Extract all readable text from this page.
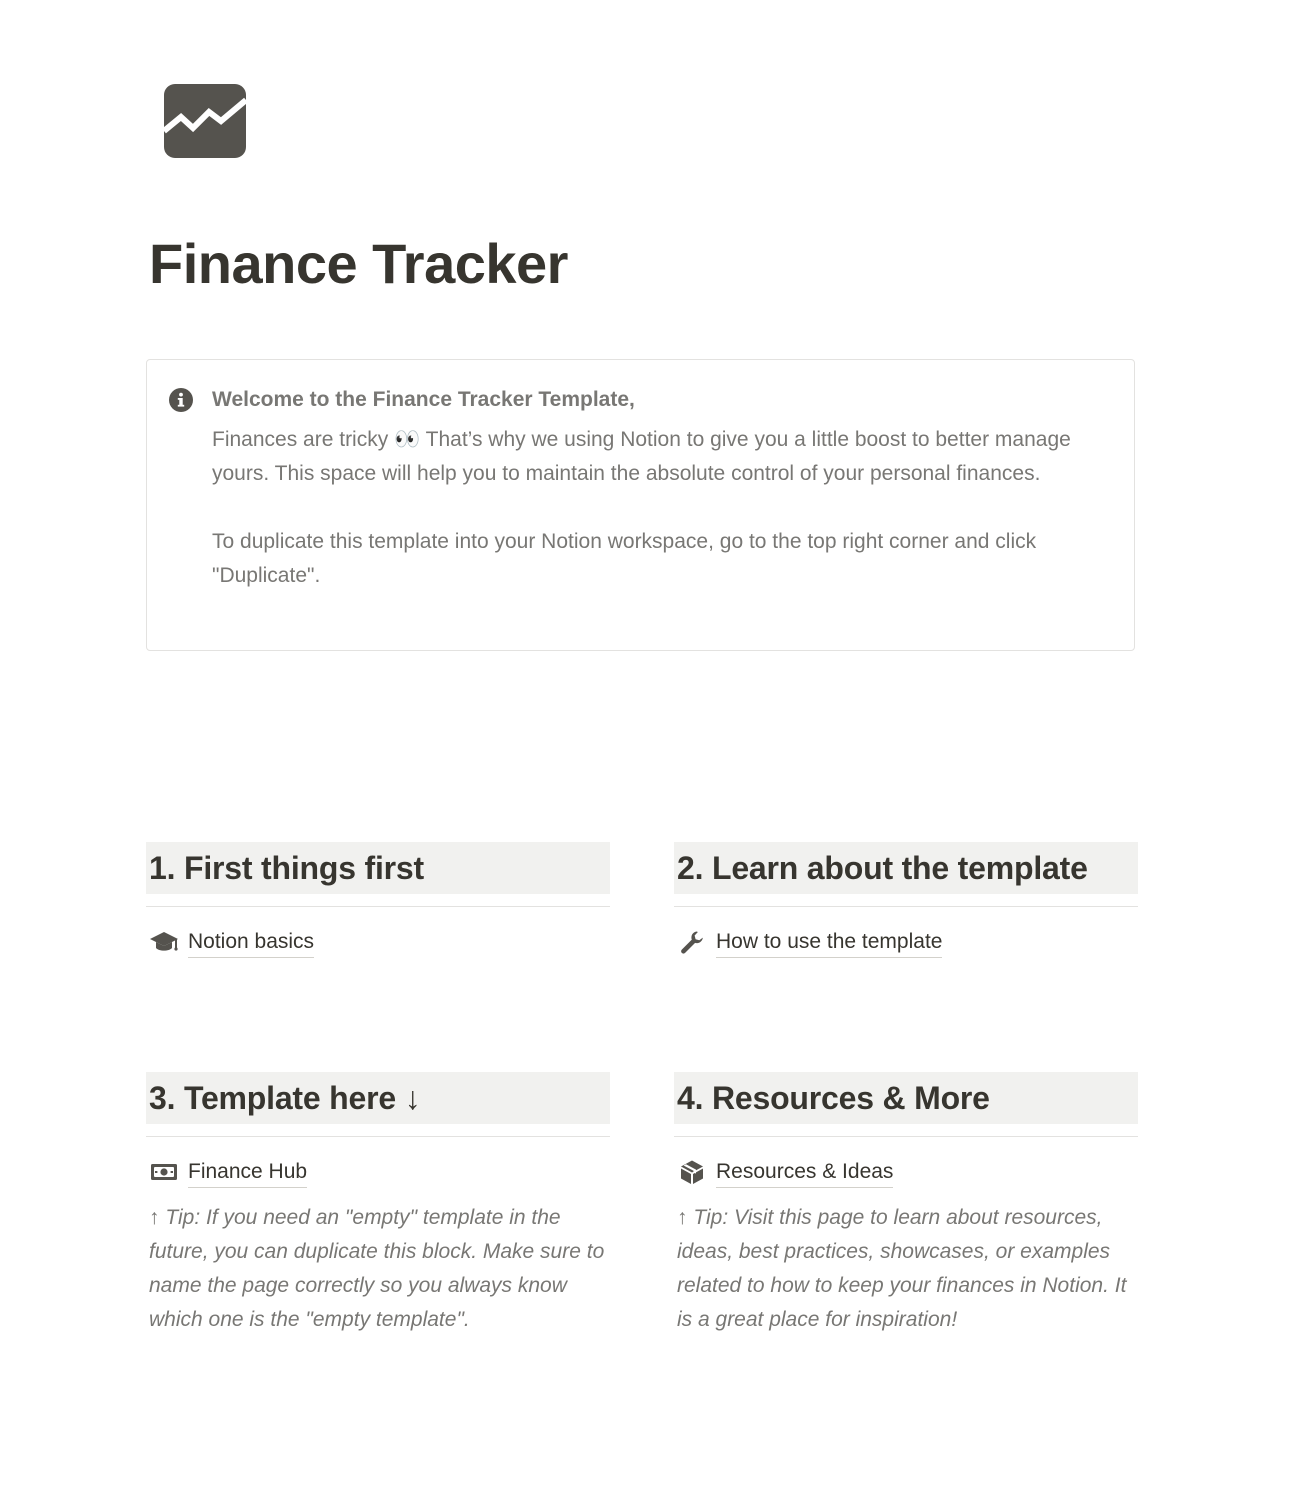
Finance Tracker

Welcome to the Finance Tracker Template,

Finances are tricky 👀 That’s why we using Notion to give you a little boost to better manage yours. This space will help you to maintain the absolute control of your personal finances.

To duplicate this template into your Notion workspace, go to the top right corner and click "Duplicate".

1. First things first
Notion basics
2. Learn about the template
How to use the template
3. Template here ↓
Finance Hub

↑ Tip: If you need an "empty" template in the future, you can duplicate this block. Make sure to name the page correctly so you always know which one is the "empty template".

4. Resources & More
Resources & Ideas

↑ Tip: Visit this page to learn about resources, ideas, best practices, showcases, or examples related to how to keep your finances in Notion. It is a great place for inspiration!
